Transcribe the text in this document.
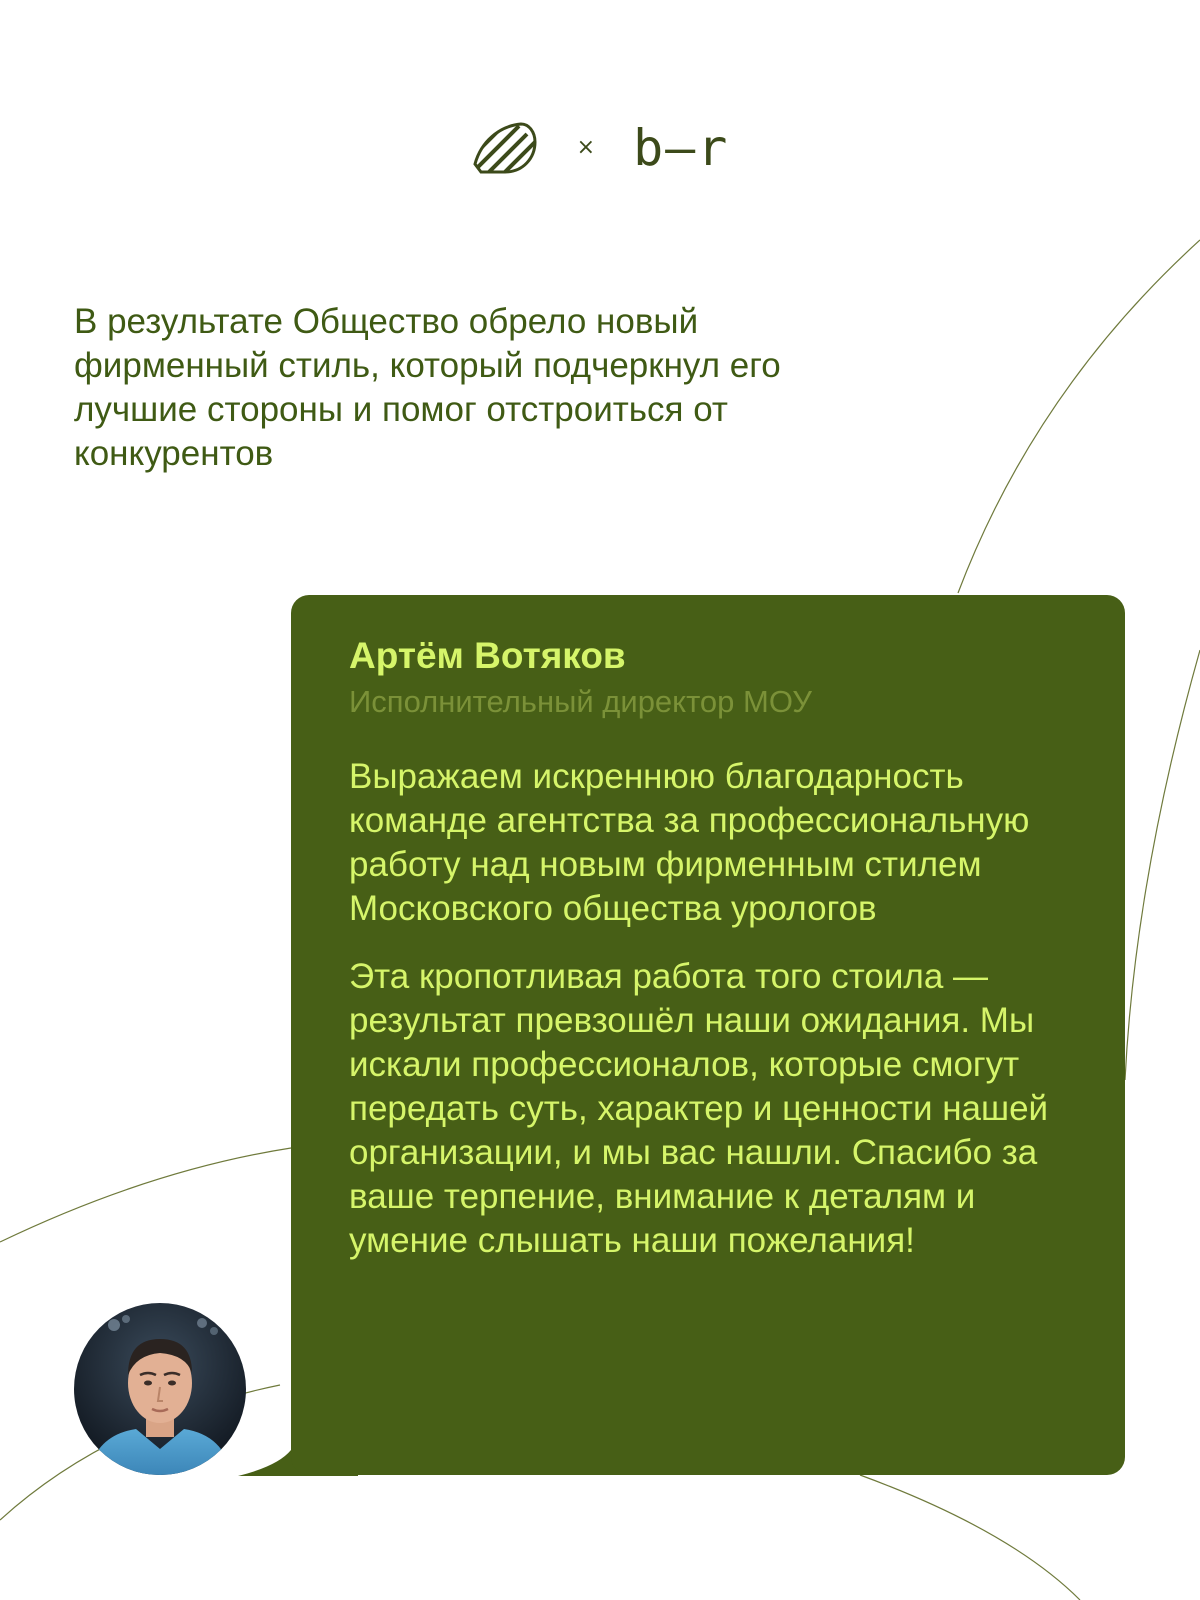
× b–r

В результате Общество обрело новый фирменный стиль, который подчеркнул его лучшие стороны и помог отстроиться от конкурентов

Артём Вотяков

Исполнительный директор МОУ

Выражаем искреннюю благодарность команде агентства за профессиональную работу над новым фирменным стилем Московского общества урологов

Эта кропотливая работа того стоила — результат превзошёл наши ожидания. Мы искали профессионалов, которые смогут передать суть, характер и ценности нашей организации, и мы вас нашли. Спасибо за ваше терпение, внимание к деталям и умение слышать наши пожелания!
